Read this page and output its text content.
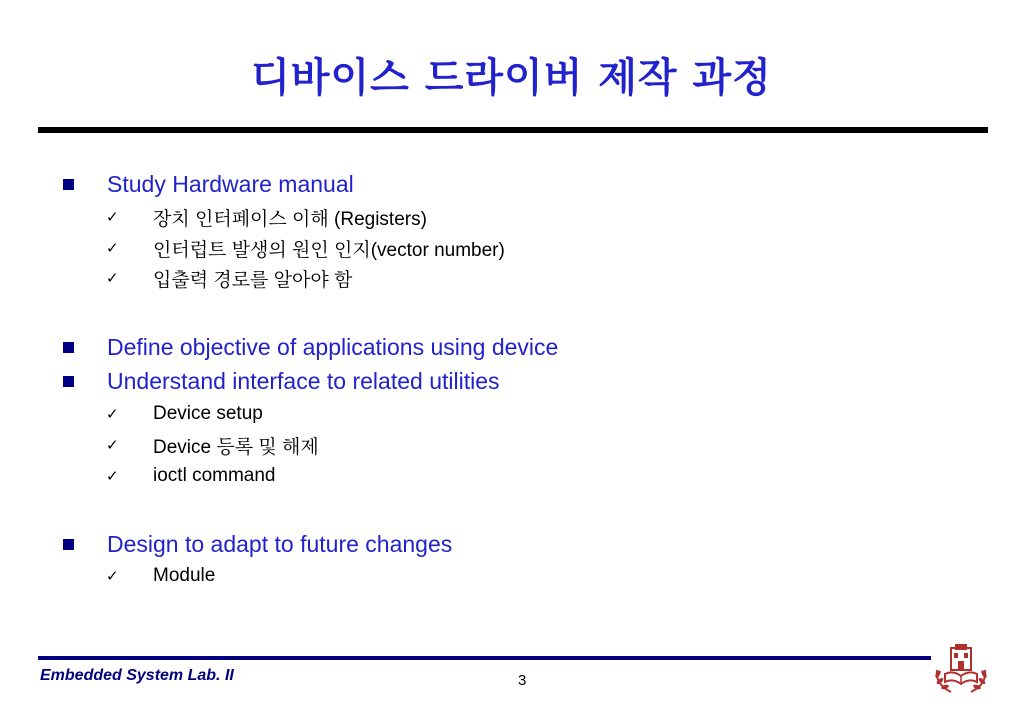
디바이스 드라이버 제작 과정
Study Hardware manual
✓ 장치 인터페이스 이해 (Registers)
✓ 인터럽트 발생의 원인 인지(vector number)
✓ 입출력 경로를 알아야 함
Define objective of applications using device
Understand interface to related utilities
✓ Device setup
✓ Device 등록 및 해제
✓ ioctl command
Design to adapt to future changes
✓ Module
Embedded System Lab. II	3
